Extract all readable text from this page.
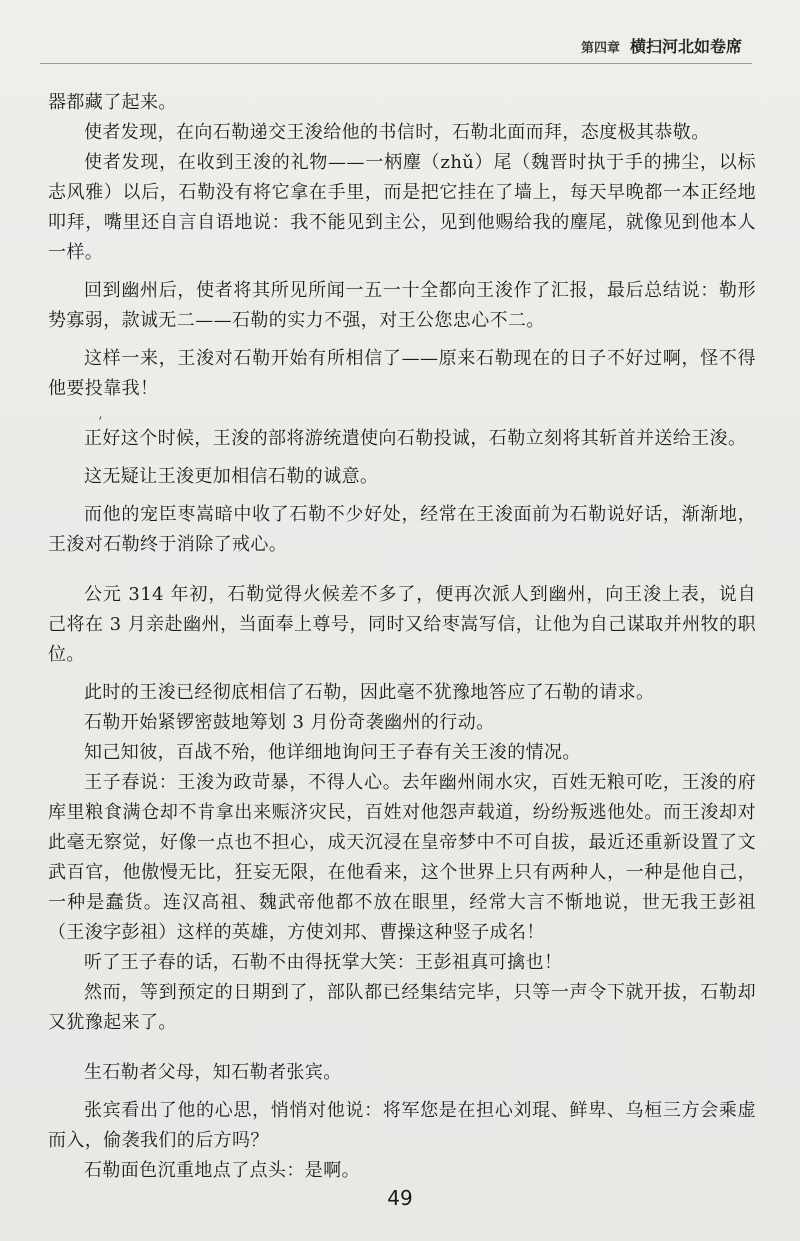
第四章 横扫河北如卷席

器都藏了起来。

使者发现，在向石勒递交王浚给他的书信时，石勒北面而拜，态度极其恭敬。

使者发现，在收到王浚的礼物——一柄麈（zhǔ）尾（魏晋时执于手的拂尘，以标志风雅）以后，石勒没有将它拿在手里，而是把它挂在了墙上，每天早晚都一本正经地叩拜，嘴里还自言自语地说：我不能见到主公，见到他赐给我的麈尾，就像见到他本人一样。

回到幽州后，使者将其所见所闻一五一十全都向王浚作了汇报，最后总结说：勒形势寡弱，款诚无二——石勒的实力不强，对王公您忠心不二。

这样一来，王浚对石勒开始有所相信了——原来石勒现在的日子不好过啊，怪不得他要投靠我！

’
正好这个时候，王浚的部将游统遣使向石勒投诚，石勒立刻将其斩首并送给王浚。

这无疑让王浚更加相信石勒的诚意。

而他的宠臣枣嵩暗中收了石勒不少好处，经常在王浚面前为石勒说好话，渐渐地，王浚对石勒终于消除了戒心。

公元 314 年初，石勒觉得火候差不多了，便再次派人到幽州，向王浚上表，说自己将在 3 月亲赴幽州，当面奉上尊号，同时又给枣嵩写信，让他为自己谋取并州牧的职位。

此时的王浚已经彻底相信了石勒，因此毫不犹豫地答应了石勒的请求。

石勒开始紧锣密鼓地筹划 3 月份奇袭幽州的行动。

知己知彼，百战不殆，他详细地询问王子春有关王浚的情况。

王子春说：王浚为政苛暴，不得人心。去年幽州闹水灾，百姓无粮可吃，王浚的府库里粮食满仓却不肯拿出来赈济灾民，百姓对他怨声载道，纷纷叛逃他处。而王浚却对此毫无察觉，好像一点也不担心，成天沉浸在皇帝梦中不可自拔，最近还重新设置了文武百官，他傲慢无比，狂妄无限，在他看来，这个世界上只有两种人，一种是他自己，一种是蠢货。连汉高祖、魏武帝他都不放在眼里，经常大言不惭地说，世无我王彭祖（王浚字彭祖）这样的英雄，方使刘邦、曹操这种竖子成名！

听了王子春的话，石勒不由得抚掌大笑：王彭祖真可擒也！

然而，等到预定的日期到了，部队都已经集结完毕，只等一声令下就开拔，石勒却又犹豫起来了。

生石勒者父母，知石勒者张宾。

张宾看出了他的心思，悄悄对他说：将军您是在担心刘琨、鲜卑、乌桓三方会乘虚而入，偷袭我们的后方吗？

石勒面色沉重地点了点头：是啊。

49
